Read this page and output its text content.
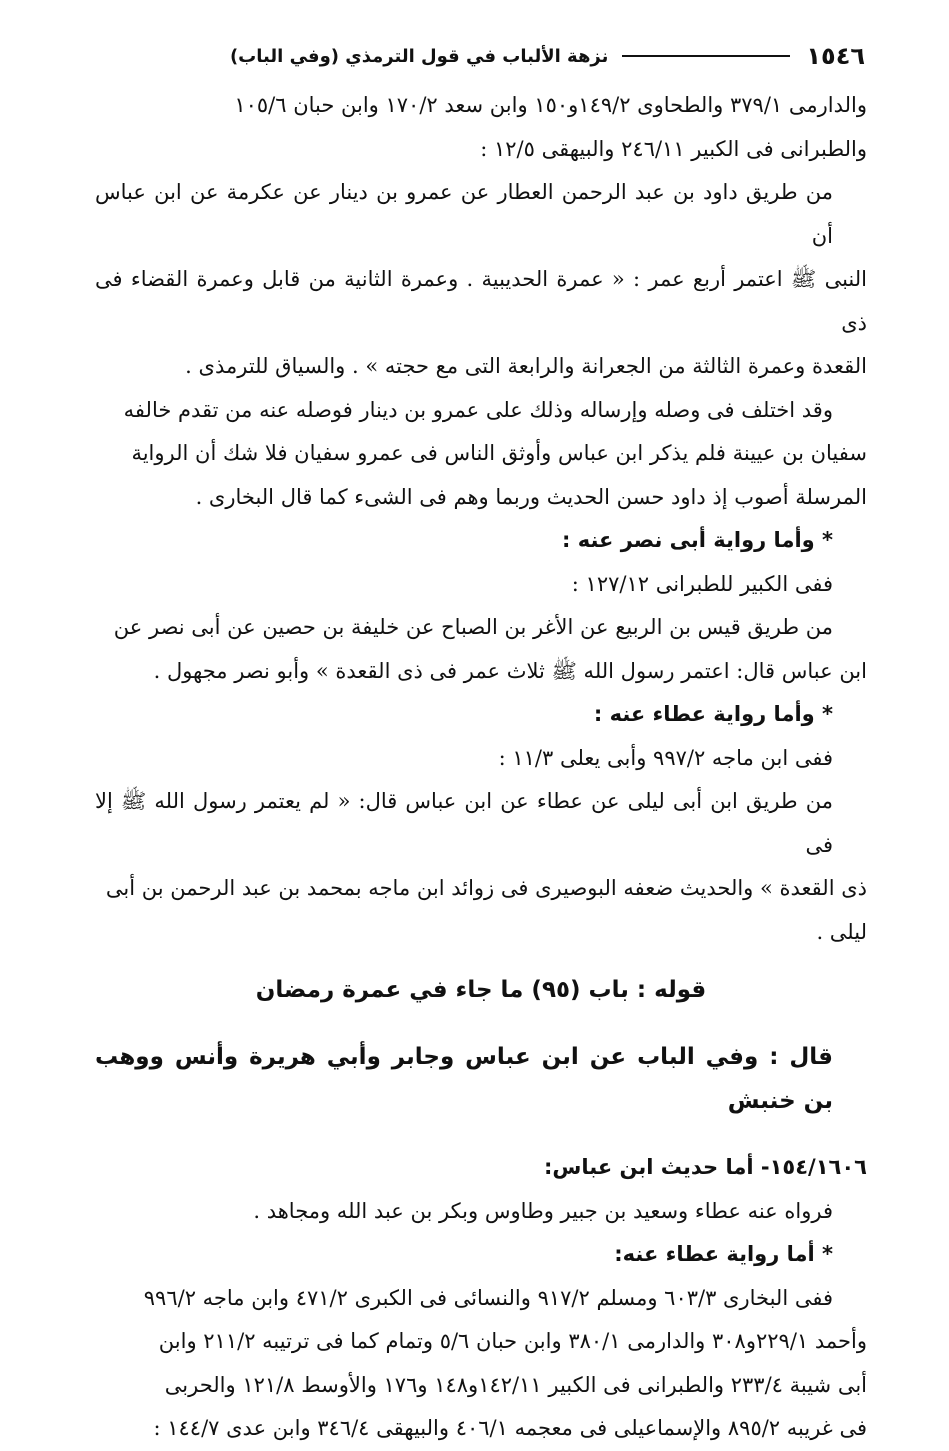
١٥٤٦
نزهة الألباب في قول الترمذي (وفي الباب)

والدارمى ٣٧٩/١ والطحاوى ١٤٩/٢و١٥٠ وابن سعد ١٧٠/٢ وابن حبان ١٠٥/٦

والطبرانى فى الكبير ٢٤٦/١١ والبيهقى ١٢/٥ :

من طريق داود بن عبد الرحمن العطار عن عمرو بن دينار عن عكرمة عن ابن عباس أن

النبى ﷺ اعتمر أربع عمر : « عمرة الحديبية . وعمرة الثانية من قابل وعمرة القضاء فى ذى

القعدة وعمرة الثالثة من الجعرانة والرابعة التى مع حجته » . والسياق للترمذى .

وقد اختلف فى وصله وإرساله وذلك على عمرو بن دينار فوصله عنه من تقدم خالفه

سفيان بن عيينة فلم يذكر ابن عباس وأوثق الناس فى عمرو سفيان فلا شك أن الرواية

المرسلة أصوب إذ داود حسن الحديث وربما وهم فى الشىء كما قال البخارى .

* وأما رواية أبى نصر عنه :

ففى الكبير للطبرانى ١٢٧/١٢ :

من طريق قيس بن الربيع عن الأغر بن الصباح عن خليفة بن حصين عن أبى نصر عن

ابن عباس قال: اعتمر رسول الله ﷺ ثلاث عمر فى ذى القعدة » وأبو نصر مجهول .

* وأما رواية عطاء عنه :

ففى ابن ماجه ٩٩٧/٢ وأبى يعلى ١١/٣ :

من طريق ابن أبى ليلى عن عطاء عن ابن عباس قال: « لم يعتمر رسول الله ﷺ إلا فى

ذى القعدة » والحديث ضعفه البوصيرى فى زوائد ابن ماجه بمحمد بن عبد الرحمن بن أبى

ليلى .

قوله : باب (٩٥) ما جاء في عمرة رمضان

قال : وفي الباب عن ابن عباس وجابر وأبي هريرة وأنس ووهب بن خنبش

١٥٤/١٦٠٦- أما حديث ابن عباس:

فرواه عنه عطاء وسعيد بن جبير وطاوس وبكر بن عبد الله ومجاهد .

* أما رواية عطاء عنه:

ففى البخارى ٦٠٣/٣ ومسلم ٩١٧/٢ والنسائى فى الكبرى ٤٧١/٢ وابن ماجه ٩٩٦/٢

وأحمد ٢٢٩/١و٣٠٨ والدارمى ٣٨٠/١ وابن حبان ٥/٦ وتمام كما فى ترتيبه ٢١١/٢ وابن

أبى شيبة ٢٣٣/٤ والطبرانى فى الكبير ١٤٢/١١و١٤٨ و١٧٦ والأوسط ١٢١/٨ والحربى

فى غريبه ٨٩٥/٢ والإسماعيلى فى معجمه ٤٠٦/١ والبيهقى ٣٤٦/٤ وابن عدى ١٤٤/٧ :
